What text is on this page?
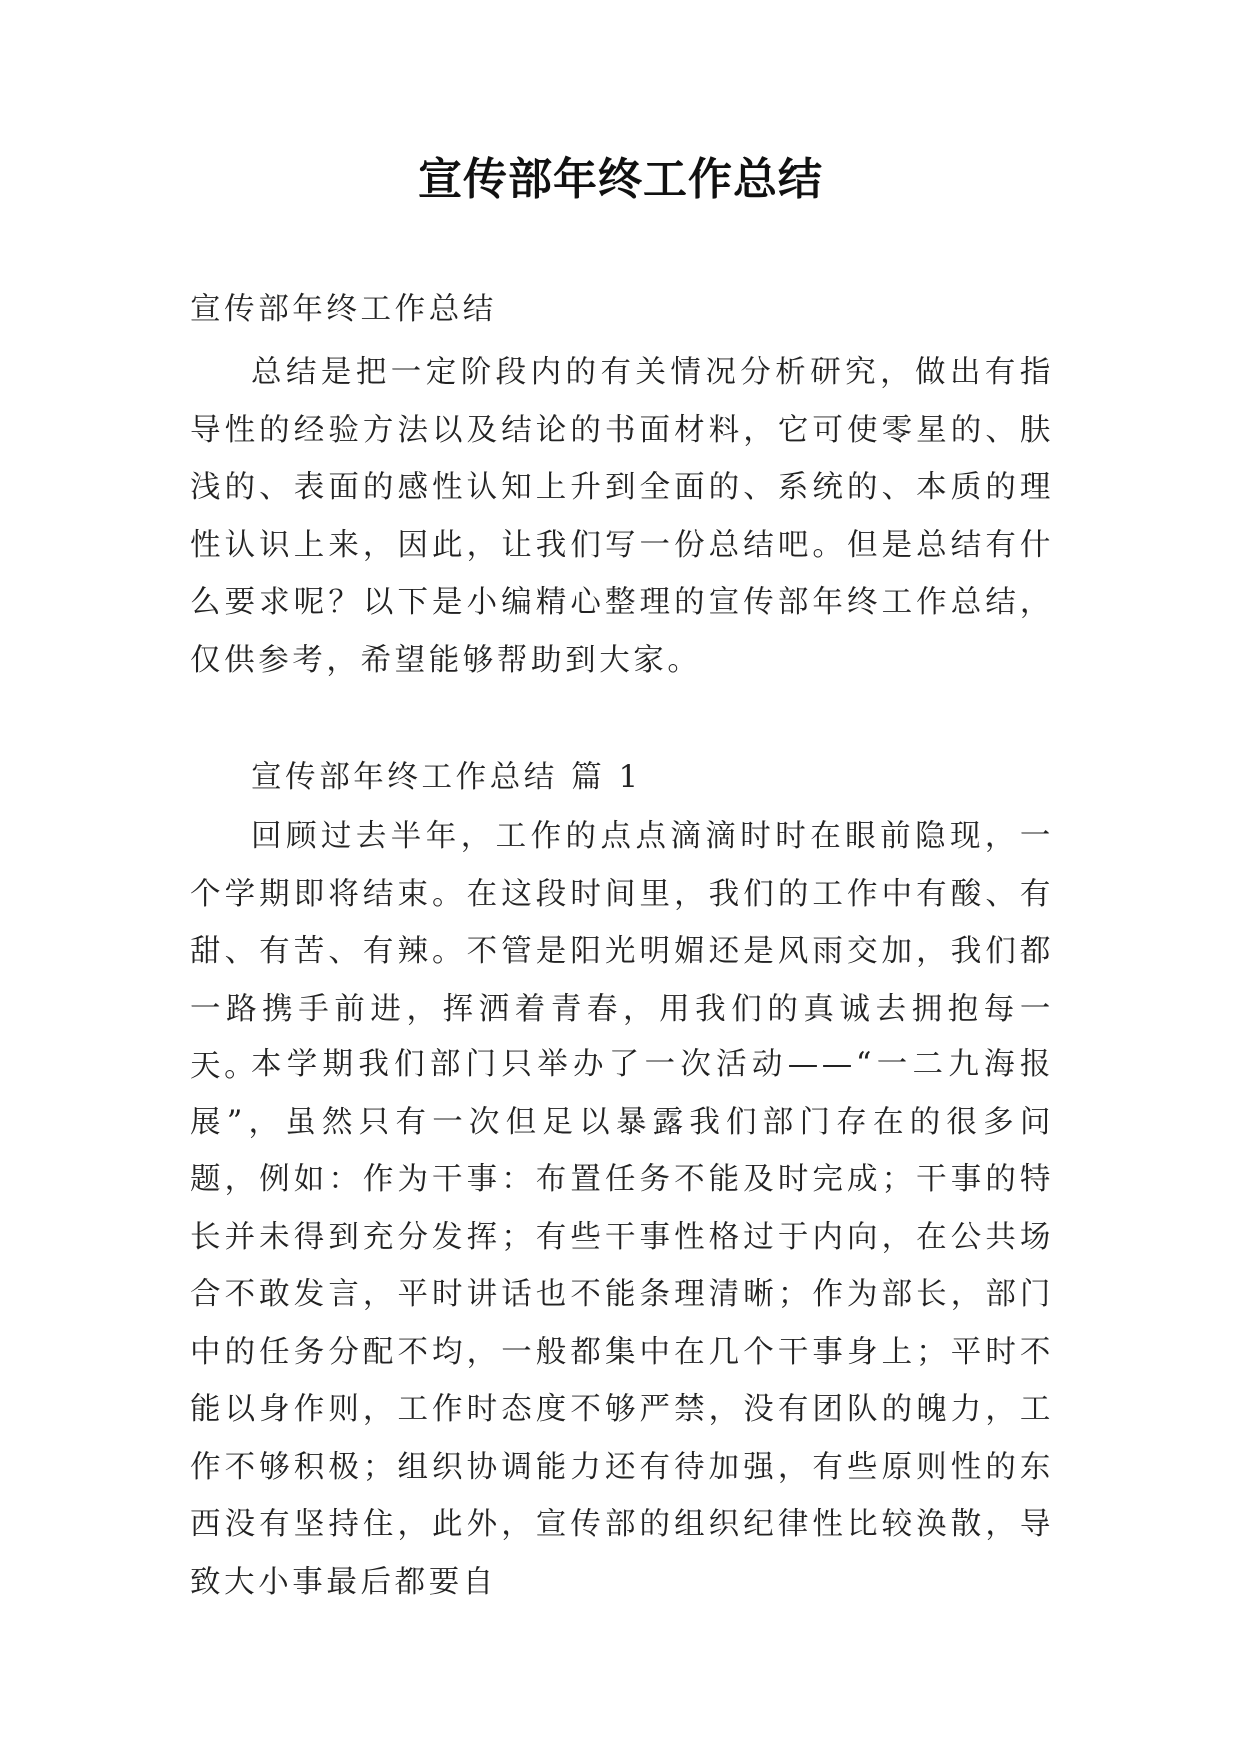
宣传部年终工作总结
宣传部年终工作总结
总结是把一定阶段内的有关情况分析研究，做出有指导性的经验方法以及结论的书面材料，它可使零星的、肤浅的、表面的感性认知上升到全面的、系统的、本质的理性认识上来，因此，让我们写一份总结吧。但是总结有什么要求呢？以下是小编精心整理的宣传部年终工作总结，仅供参考，希望能够帮助到大家。
宣传部年终工作总结 篇 1
回顾过去半年，工作的点点滴滴时时在眼前隐现，一个学期即将结束。在这段时间里，我们的工作中有酸、有甜、有苦、有辣。不管是阳光明媚还是风雨交加，我们都一路携手前进，挥洒着青春，用我们的真诚去拥抱每一天。
本学期我们部门只举办了一次活动——“一二九海报展”，虽然只有一次但足以暴露我们部门存在的很多问题，例如：作为干事：布置任务不能及时完成；干事的特长并未得到充分发挥；有些干事性格过于内向，在公共场合不敢发言，平时讲话也不能条理清晰；作为部长，部门中的任务分配不均，一般都集中在几个干事身上；平时不能以身作则，工作时态度不够严禁，没有团队的魄力，工作不够积极；组织协调能力还有待加强，有些原则性的东西没有坚持住，此外，宣传部的组织纪律性比较涣散，导致大小事最后都要自
